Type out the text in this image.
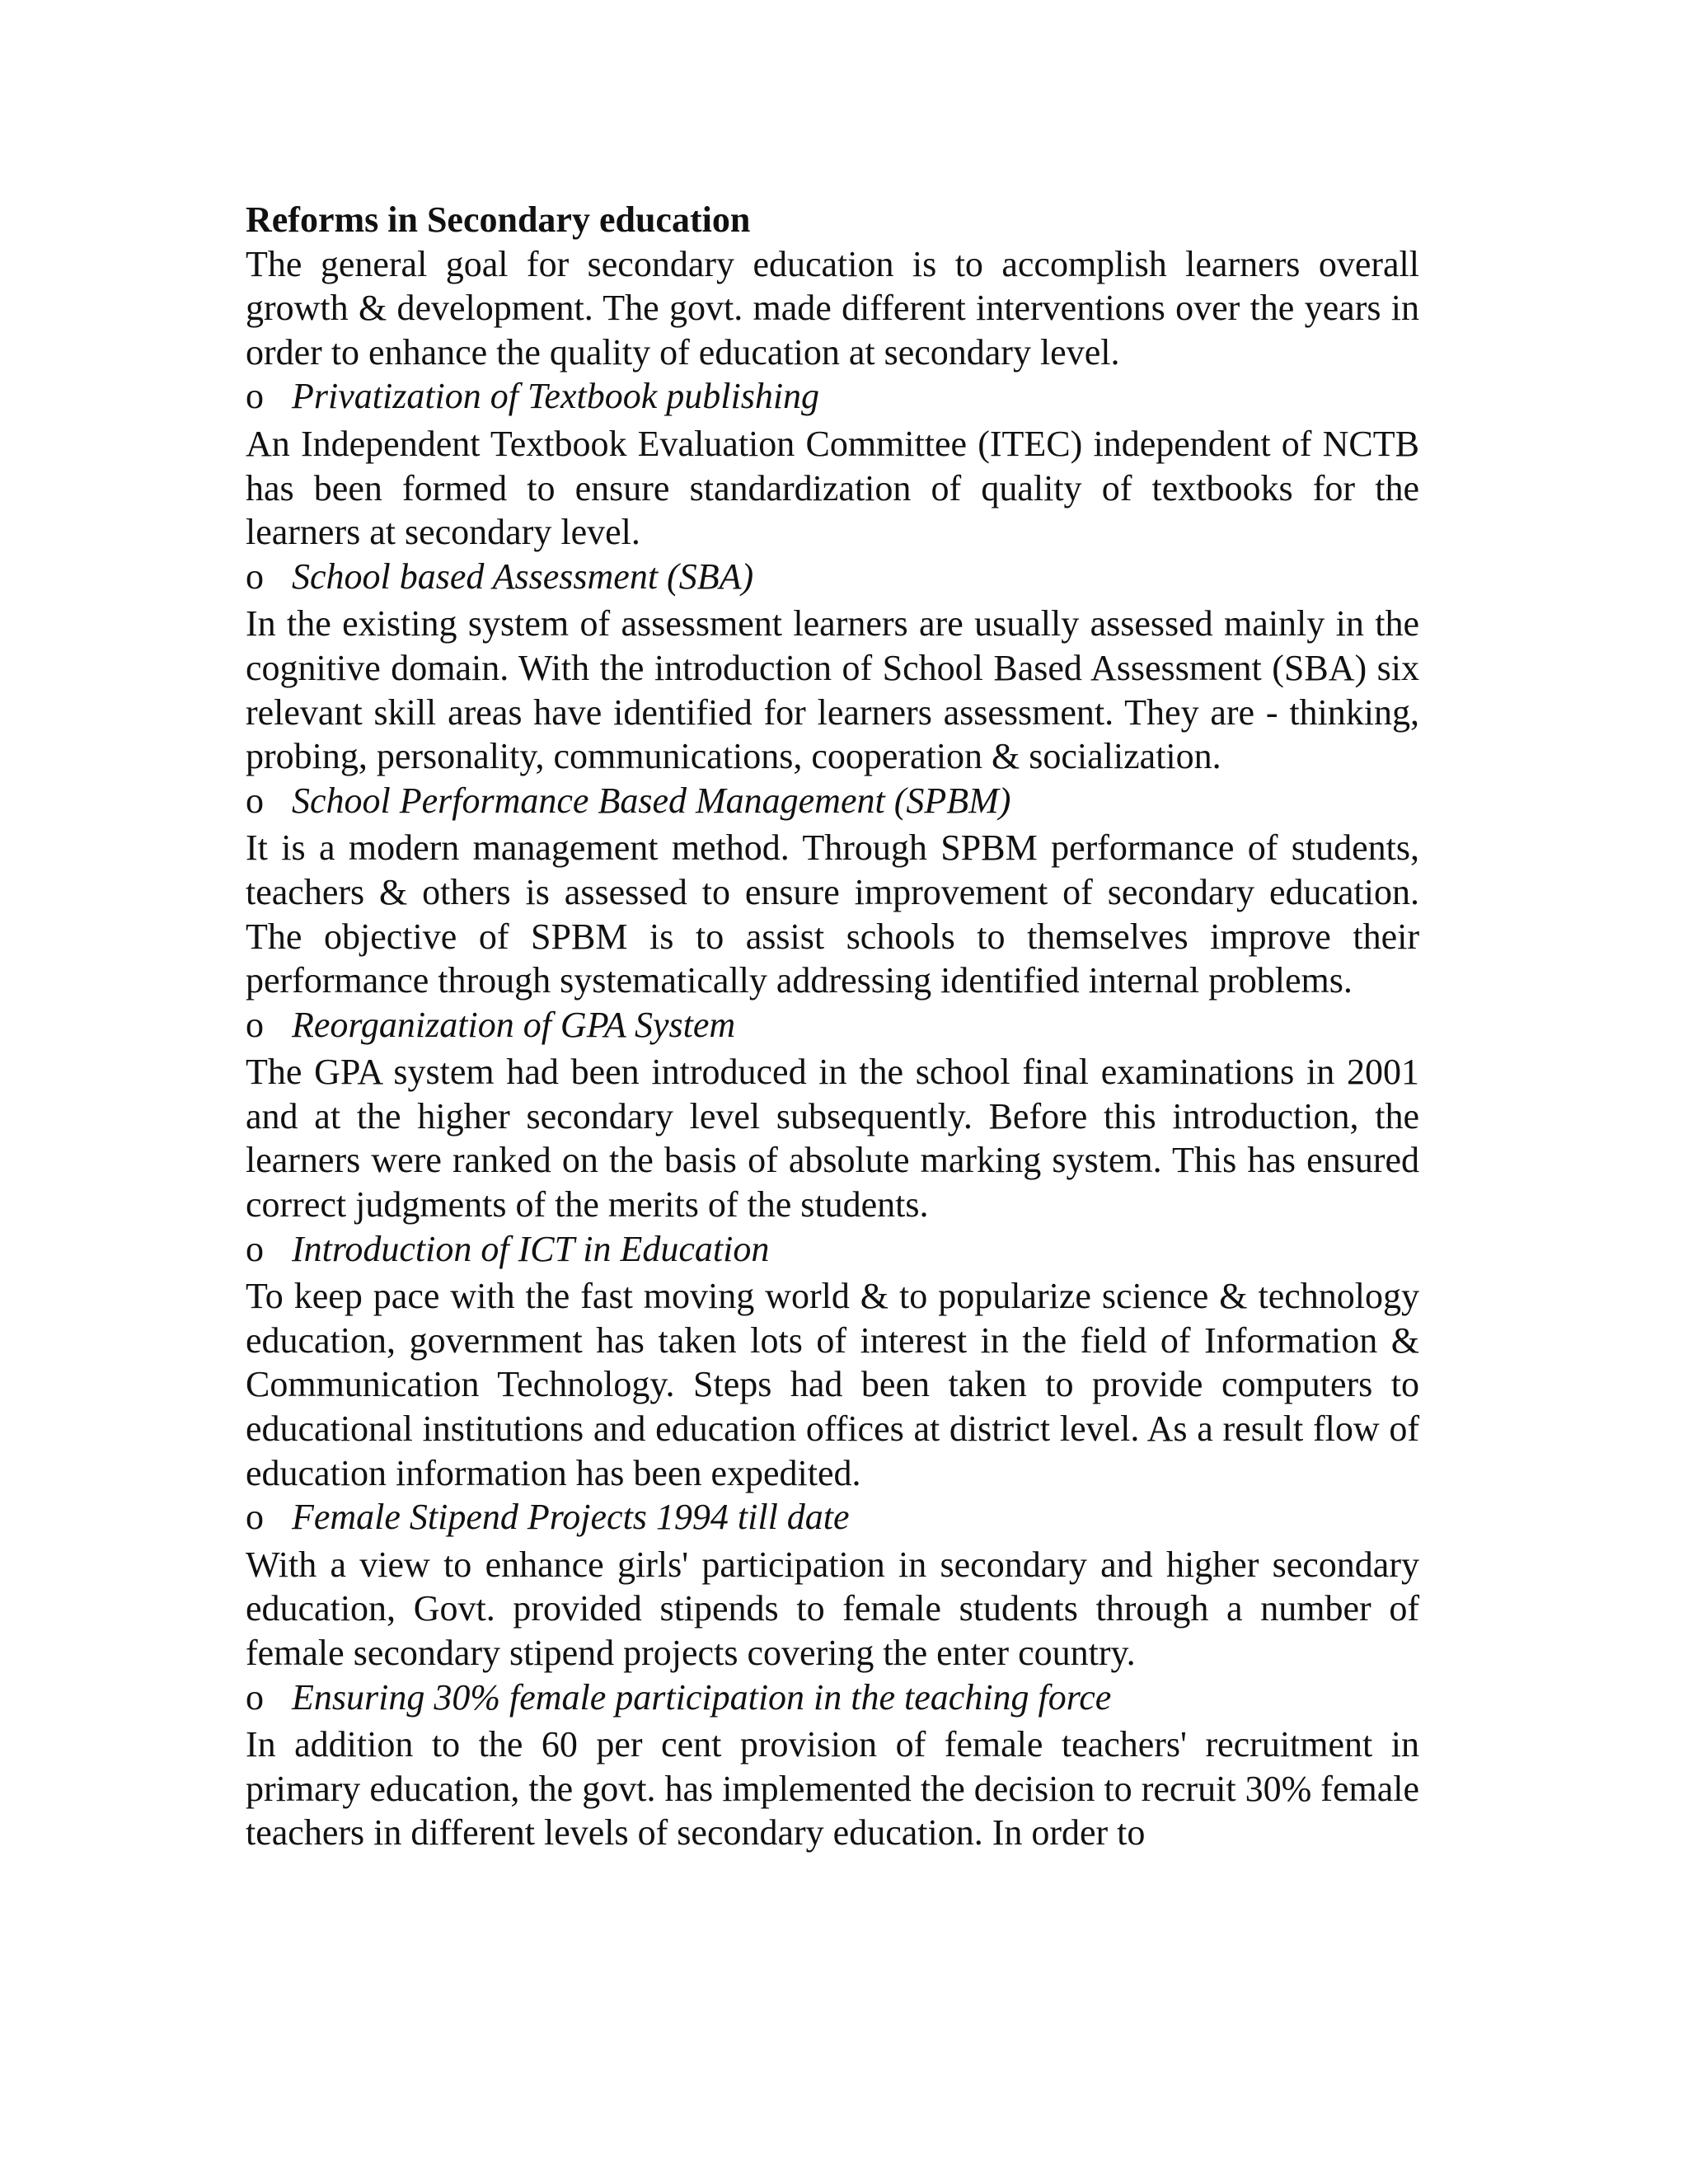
Reforms in Secondary education

The general goal for secondary education is to accomplish learners overall growth & development. The govt. made different interventions over the years in order to enhance the quality of education at secondary level.

o Privatization of Textbook publishing

An Independent Textbook Evaluation Committee (ITEC) independent of NCTB has been formed to ensure standardization of quality of textbooks for the learners at secondary level.

o School based Assessment (SBA)

In the existing system of assessment learners are usually assessed mainly in the cognitive domain. With the introduction of School Based Assessment (SBA) six relevant skill areas have identified for learners assessment. They are - thinking, probing, personality, communications, cooperation & socialization.

o School Performance Based Management (SPBM)

It is a modern management method. Through SPBM performance of students, teachers & others is assessed to ensure improvement of secondary education. The objective of SPBM is to assist schools to themselves improve their performance through systematically addressing identified internal problems.

o Reorganization of GPA System

The GPA system had been introduced in the school final examinations in 2001 and at the higher secondary level subsequently. Before this introduction, the learners were ranked on the basis of absolute marking system. This has ensured correct judgments of the merits of the students.

o Introduction of ICT in Education

To keep pace with the fast moving world & to popularize science & technology education, government has taken lots of interest in the field of Information & Communication Technology. Steps had been taken to provide computers to educational institutions and education offices at district level. As a result flow of education information has been expedited.

o Female Stipend Projects 1994 till date

With a view to enhance girls' participation in secondary and higher secondary education, Govt. provided stipends to female students through a number of female secondary stipend projects covering the enter country.

o Ensuring 30% female participation in the teaching force

In addition to the 60 per cent provision of female teachers' recruitment in primary education, the govt. has implemented the decision to recruit 30% female teachers in different levels of secondary education. In order to
